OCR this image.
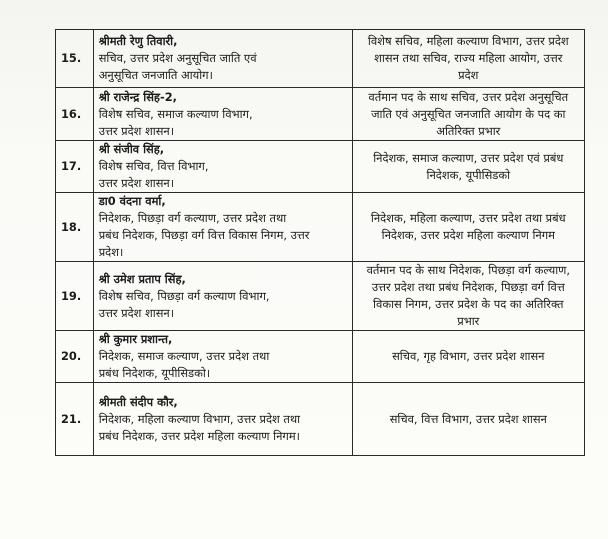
15.	श्रीमती रेणु तिवारी,
सचिव, उत्तर प्रदेश अनुसूचित जाति एवं
अनुसूचित जनजाति आयोग।	विशेष सचिव, महिला कल्याण विभाग, उत्तर प्रदेश
शासन तथा सचिव, राज्य महिला आयोग, उत्तर
प्रदेश

16.	श्री राजेन्द्र सिंह-2,
विशेष सचिव, समाज कल्याण विभाग,
उत्तर प्रदेश शासन।	वर्तमान पद के साथ सचिव, उत्तर प्रदेश अनुसूचित
जाति एवं अनुसूचित जनजाति आयोग के पद का
अतिरिक्त प्रभार

17.	श्री संजीव सिंह,
विशेष सचिव, वित्त विभाग,
उत्तर प्रदेश शासन।	निदेशक, समाज कल्याण, उत्तर प्रदेश एवं प्रबंध
निदेशक, यूपीसिडको

18.	डा0 वंदना वर्मा,
निदेशक, पिछड़ा वर्ग कल्याण, उत्तर प्रदेश तथा
प्रबंध निदेशक, पिछड़ा वर्ग वित्त विकास निगम, उत्तर
प्रदेश।	निदेशक, महिला कल्याण, उत्तर प्रदेश तथा प्रबंध
निदेशक, उत्तर प्रदेश महिला कल्याण निगम

19.	श्री उमेश प्रताप सिंह,
विशेष सचिव, पिछड़ा वर्ग कल्याण विभाग,
उत्तर प्रदेश शासन।	वर्तमान पद के साथ निदेशक, पिछड़ा वर्ग कल्याण,
उत्तर प्रदेश तथा प्रबंध निदेशक, पिछड़ा वर्ग वित्त
विकास निगम, उत्तर प्रदेश के पद का अतिरिक्त
प्रभार

20.	श्री कुमार प्रशान्त,
निदेशक, समाज कल्याण, उत्तर प्रदेश तथा
प्रबंध निदेशक, यूपीसिडको।	सचिव, गृह विभाग, उत्तर प्रदेश शासन

21.	श्रीमती संदीप कौर,
निदेशक, महिला कल्याण विभाग, उत्तर प्रदेश तथा
प्रबंध निदेशक, उत्तर प्रदेश महिला कल्याण निगम।	सचिव, वित्त विभाग, उत्तर प्रदेश शासन
